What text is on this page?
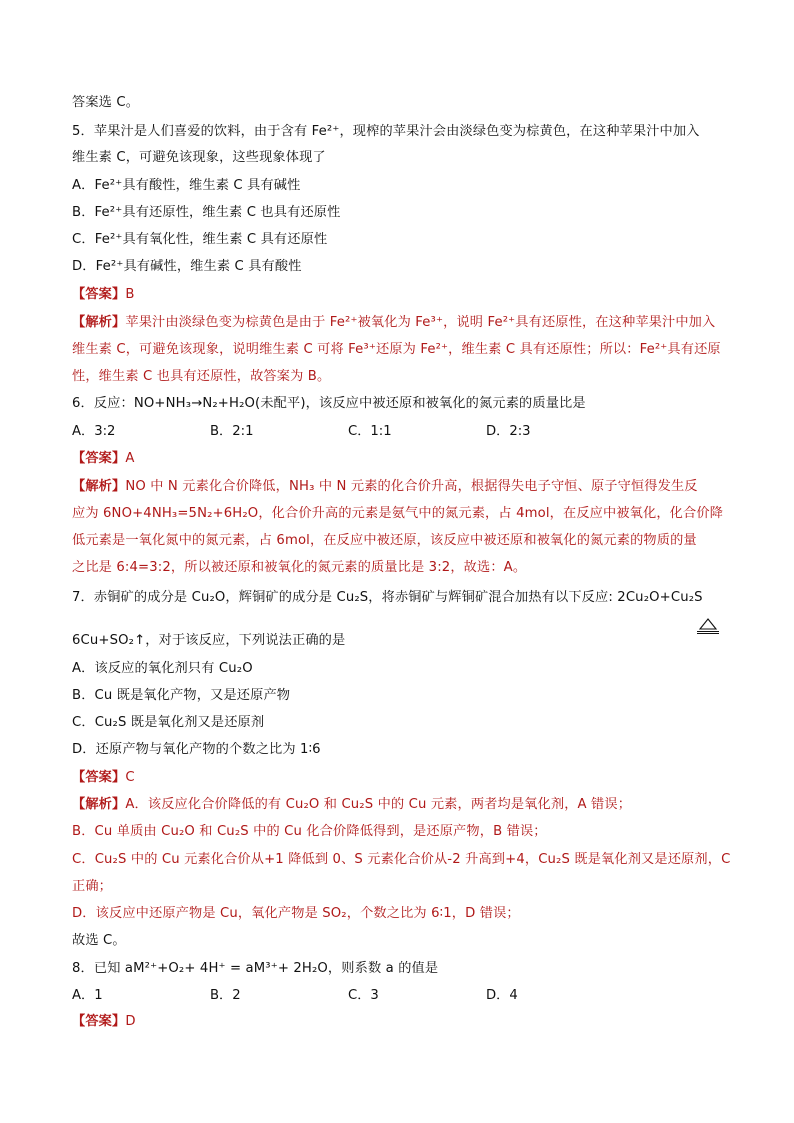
答案选 C。
5．苹果汁是人们喜爱的饮料，由于含有 Fe²⁺，现榨的苹果汁会由淡绿色变为棕黄色，在这种苹果汁中加入
维生素 C，可避免该现象，这些现象体现了
A．Fe²⁺具有酸性，维生素 C 具有碱性
B．Fe²⁺具有还原性，维生素 C 也具有还原性
C．Fe²⁺具有氧化性，维生素 C 具有还原性
D．Fe²⁺具有碱性，维生素 C 具有酸性
【答案】B
【解析】苹果汁由淡绿色变为棕黄色是由于 Fe²⁺被氧化为 Fe³⁺，说明 Fe²⁺具有还原性，在这种苹果汁中加入
维生素 C，可避免该现象，说明维生素 C 可将 Fe³⁺还原为 Fe²⁺，维生素 C 具有还原性；所以：Fe²⁺具有还原
性，维生素 C 也具有还原性，故答案为 B。
6．反应：NO+NH₃→N₂+H₂O(未配平)，该反应中被还原和被氧化的氮元素的质量比是
【答案】A
【解析】NO 中 N 元素化合价降低，NH₃ 中 N 元素的化合价升高，根据得失电子守恒、原子守恒得发生反
应为 6NO+4NH₃=5N₂+6H₂O，化合价升高的元素是氨气中的氮元素，占 4mol，在反应中被氧化，化合价降
低元素是一氧化氮中的氮元素，占 6mol，在反应中被还原，该反应中被还原和被氧化的氮元素的物质的量
之比是 6:4=3:2，所以被还原和被氧化的氮元素的质量比是 3:2，故选：A。
7．赤铜矿的成分是 Cu₂O，辉铜矿的成分是 Cu₂S，将赤铜矿与辉铜矿混合加热有以下反应: 2Cu₂O+Cu₂S
6Cu+SO₂↑，对于该反应，下列说法正确的是
A．该反应的氧化剂只有 Cu₂O
B．Cu 既是氧化产物，又是还原产物
C．Cu₂S 既是氧化剂又是还原剂
D．还原产物与氧化产物的个数之比为 1∶6
【答案】C
【解析】A．该反应化合价降低的有 Cu₂O 和 Cu₂S 中的 Cu 元素，两者均是氧化剂，A 错误；
B．Cu 单质由 Cu₂O 和 Cu₂S 中的 Cu 化合价降低得到，是还原产物，B 错误；
C．Cu₂S 中的 Cu 元素化合价从+1 降低到 0、S 元素化合价从-2 升高到+4，Cu₂S 既是氧化剂又是还原剂，C
正确；
D．该反应中还原产物是 Cu，氧化产物是 SO₂，个数之比为 6∶1，D 错误；
故选 C。
8．已知 aM²⁺+O₂+ 4H⁺ = aM³⁺+ 2H₂O，则系数 a 的值是
【答案】D
A．3:2	B．2:1	C．1:1	D．2:3
A．1	B．2	C．3	D．4
